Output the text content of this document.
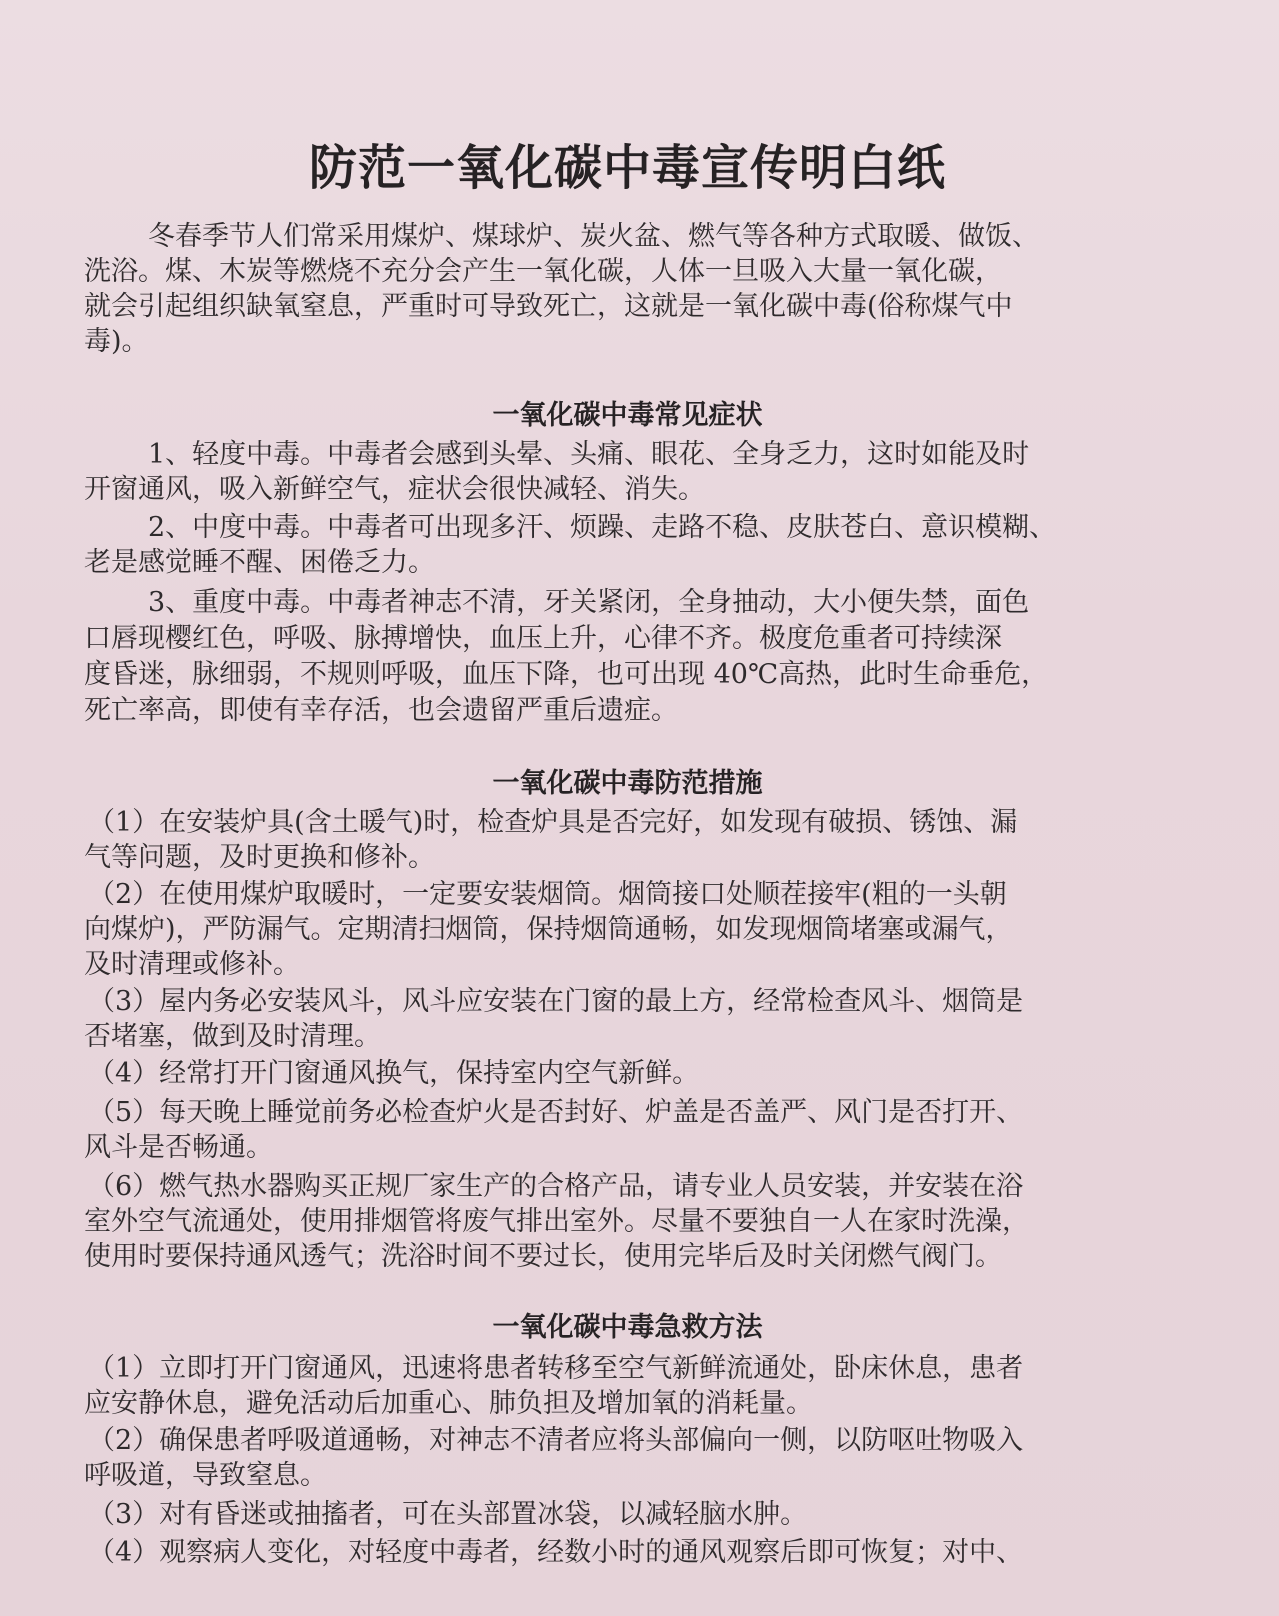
防范一氧化碳中毒宣传明白纸
冬春季节人们常采用煤炉、煤球炉、炭火盆、燃气等各种方式取暖、做饭、
洗浴。煤、木炭等燃烧不充分会产生一氧化碳，人体一旦吸入大量一氧化碳，
就会引起组织缺氧窒息，严重时可导致死亡，这就是一氧化碳中毒(俗称煤气中
毒)。
一氧化碳中毒常见症状
1、轻度中毒。中毒者会感到头晕、头痛、眼花、全身乏力，这时如能及时
开窗通风，吸入新鲜空气，症状会很快减轻、消失。
2、中度中毒。中毒者可出现多汗、烦躁、走路不稳、皮肤苍白、意识模糊、
老是感觉睡不醒、困倦乏力。
3、重度中毒。中毒者神志不清，牙关紧闭，全身抽动，大小便失禁，面色
口唇现樱红色，呼吸、脉搏增快，血压上升，心律不齐。极度危重者可持续深
度昏迷，脉细弱，不规则呼吸，血压下降，也可出现 40℃高热，此时生命垂危，
死亡率高，即使有幸存活，也会遗留严重后遗症。
一氧化碳中毒防范措施
（1）在安装炉具(含土暖气)时，检查炉具是否完好，如发现有破损、锈蚀、漏
气等问题，及时更换和修补。
（2）在使用煤炉取暖时，一定要安装烟筒。烟筒接口处顺茬接牢(粗的一头朝
向煤炉)，严防漏气。定期清扫烟筒，保持烟筒通畅，如发现烟筒堵塞或漏气，
及时清理或修补。
（3）屋内务必安装风斗，风斗应安装在门窗的最上方，经常检查风斗、烟筒是
否堵塞，做到及时清理。
（4）经常打开门窗通风换气，保持室内空气新鲜。
（5）每天晚上睡觉前务必检查炉火是否封好、炉盖是否盖严、风门是否打开、
风斗是否畅通。
（6）燃气热水器购买正规厂家生产的合格产品，请专业人员安装，并安装在浴
室外空气流通处，使用排烟管将废气排出室外。尽量不要独自一人在家时洗澡，
使用时要保持通风透气；洗浴时间不要过长，使用完毕后及时关闭燃气阀门。
一氧化碳中毒急救方法
（1）立即打开门窗通风，迅速将患者转移至空气新鲜流通处，卧床休息，患者
应安静休息，避免活动后加重心、肺负担及增加氧的消耗量。
（2）确保患者呼吸道通畅，对神志不清者应将头部偏向一侧，以防呕吐物吸入
呼吸道，导致窒息。
（3）对有昏迷或抽搐者，可在头部置冰袋，以减轻脑水肿。
（4）观察病人变化，对轻度中毒者，经数小时的通风观察后即可恢复；对中、
